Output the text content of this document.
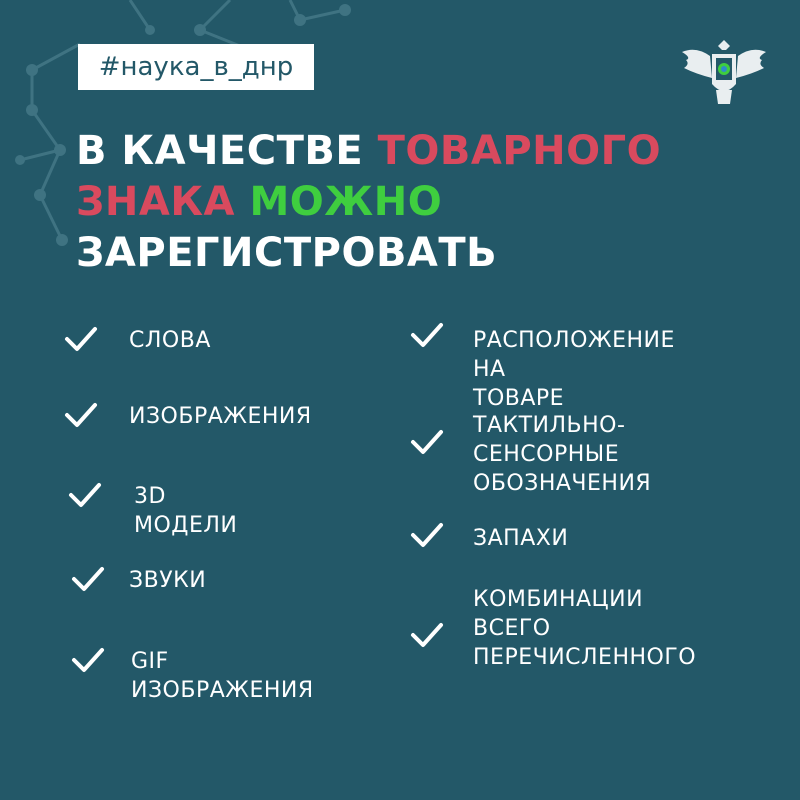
#наука_в_днр
В КАЧЕСТВЕ ТОВАРНОГО
ЗНАКА МОЖНО
ЗАРЕГИСТРОВАТЬ
СЛОВА
ИЗОБРАЖЕНИЯ
3D МОДЕЛИ
ЗВУКИ
GIF ИЗОБРАЖЕНИЯ
РАСПОЛОЖЕНИЕ НА
ТОВАРЕ
ТАКТИЛЬНО-
СЕНСОРНЫЕ
ОБОЗНАЧЕНИЯ
ЗАПАХИ
КОМБИНАЦИИ
ВСЕГО
ПЕРЕЧИСЛЕННОГО
